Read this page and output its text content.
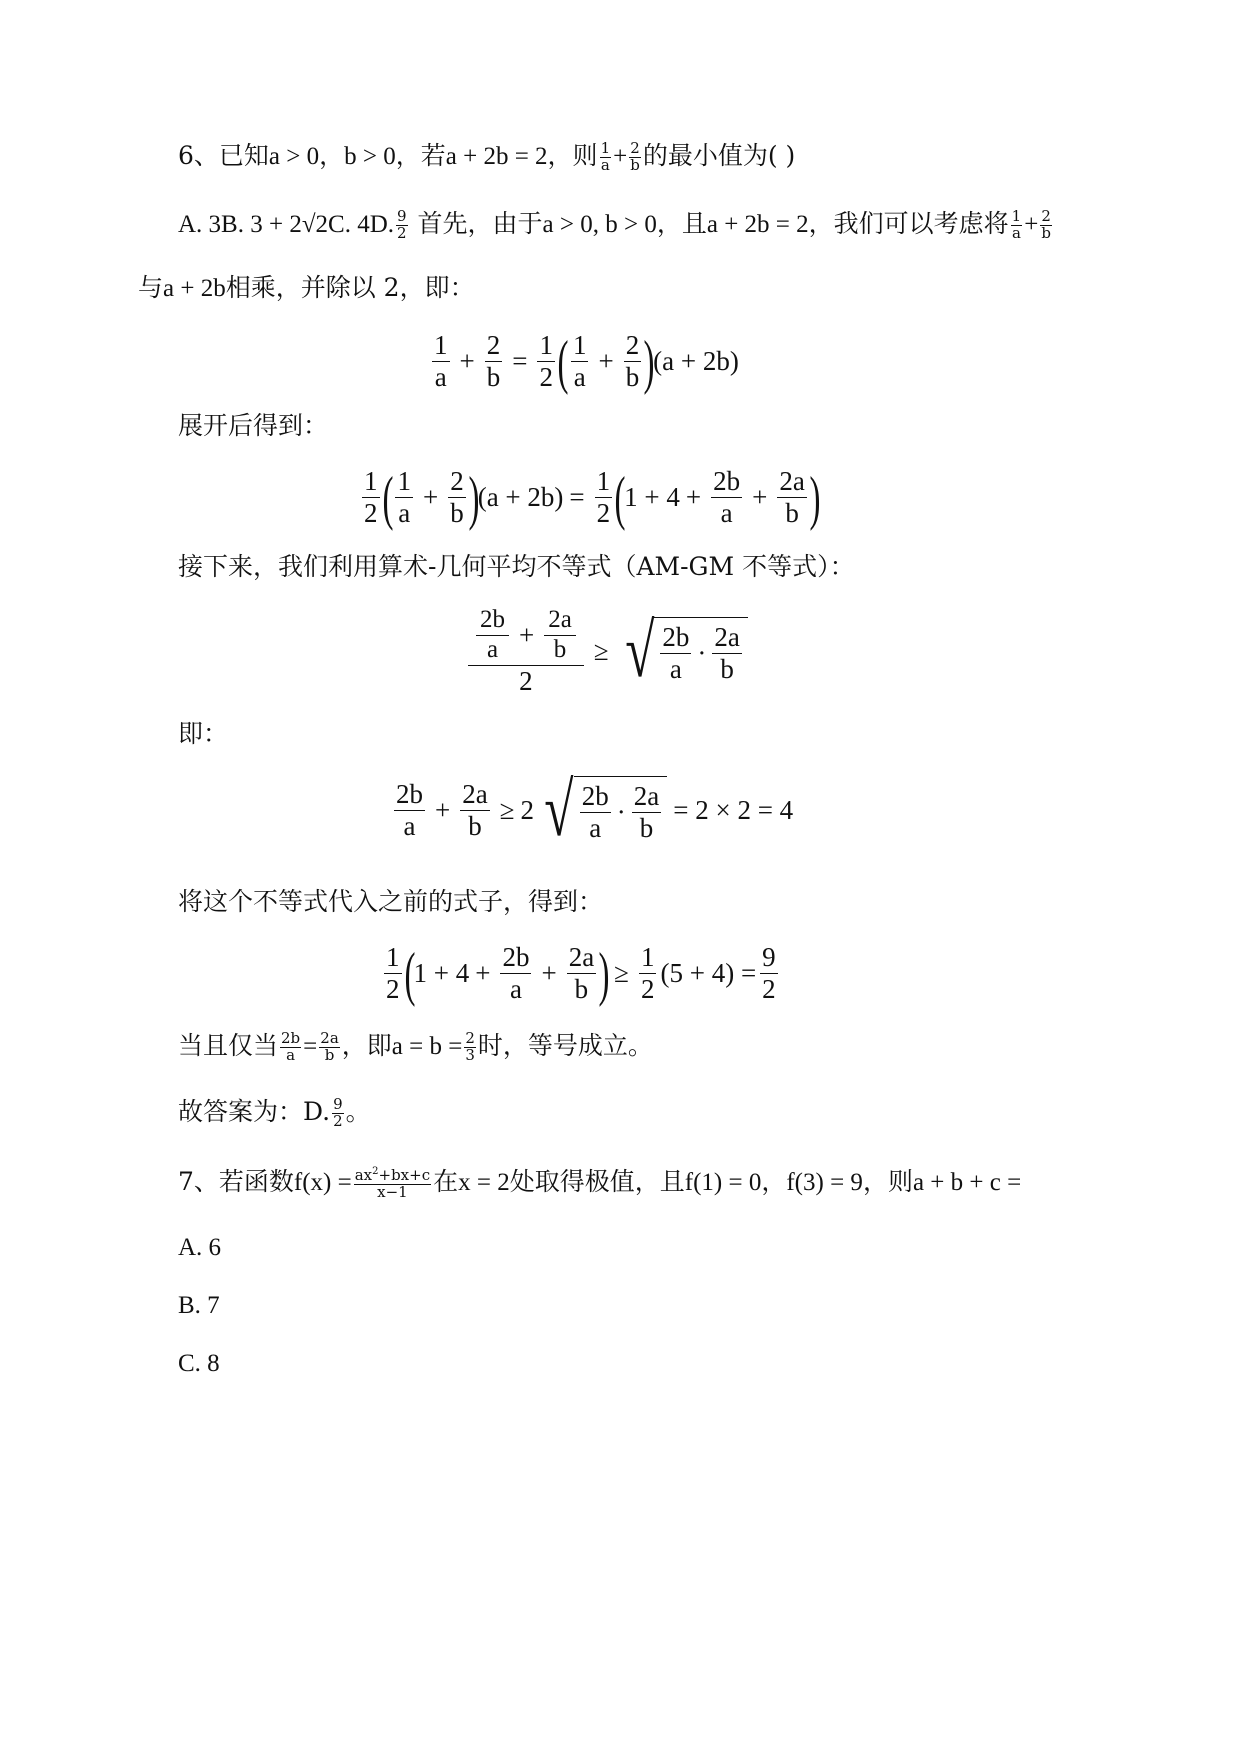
6、已知a > 0，b > 0，若a + 2b = 2，则 $\frac{1}{a} + \frac{2}{b}$ 的最小值为( )
A. 3B. 3 + 2√2C. 4D. $\frac{9}{2}$ 首先，由于a > 0, b > 0，且a + 2b = 2，我们可以考虑将 $\frac{1}{a} + \frac{2}{b}$
与a + 2b相乘，并除以 2，即：
1
a
+ $\frac{2}{b} = \frac{1}{2}$ ( 1
a
+ $\frac{2}{b}$ )
(a + 2b)
展开后得到：
1
2 ( 1
a
+ $\frac{2}{b}$ )
$(a + 2b) = \frac{1}{2}$ (
$1 + 4 + \frac{2b}{a} + \frac{2a}{b}$ )
接下来，我们利用算术-几何平均不等式（AM-GM 不等式）：
2b
$a + \frac{2a}{b}$
2 ≥ √ 2b
a
·
2a
b
即：
2b
a
+ $\frac{2a}{b} \ge 2$ √ 2b
a
·
2a
b
= 2 × 2 = 4
将这个不等式代入之前的式子，得到：
1
2 (
$1 + 4 + \frac{2b}{a} + \frac{2a}{b}$ ) ≥ $\frac{1}{2} (5 + 4) = \frac{9}{2}$
当且仅当 $\frac{2b}{a} = \frac{2a}{b}$ ，即$a = b = \frac{2}{3}$ 时，等号成立。
故答案为：D. $\frac{9}{2}$ 。
7、若函数$f(x) = \frac{ax^2+bx+c}{x-1}$ 在x = 2处取得极值，且f(1) = 0，f(3) = 9，则a + b + c =
A. 6
B. 7
C. 8
